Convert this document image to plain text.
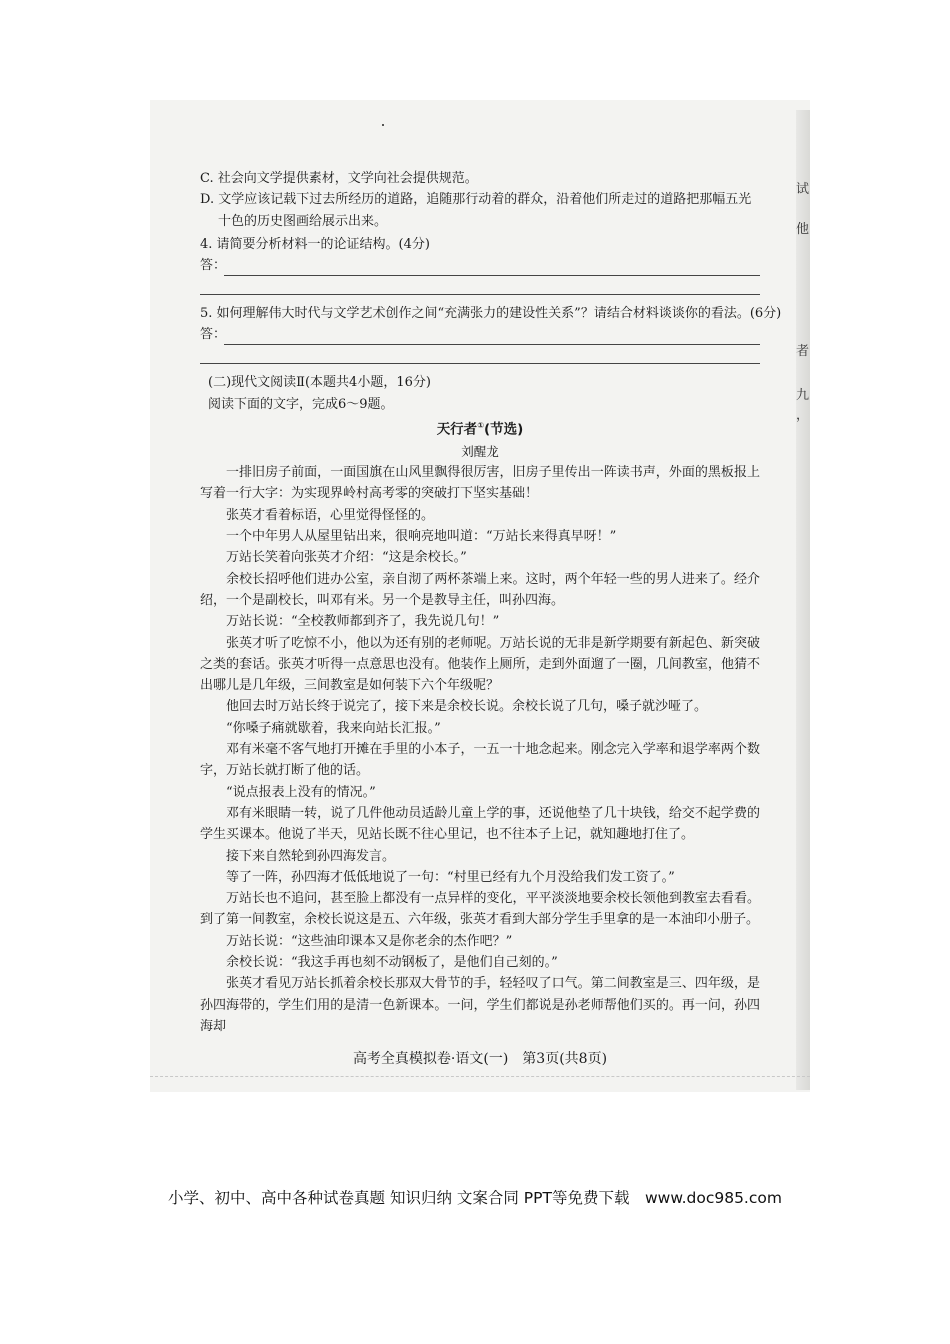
试
他
者
九
，

C. 社会向文学提供素材，文学向社会提供规范。

D. 文学应该记载下过去所经历的道路，追随那行动着的群众，沿着他们所走过的道路把那幅五光

十色的历史图画给展示出来。

4. 请简要分析材料一的论证结构。(4分)

答：

5. 如何理解伟大时代与文学艺术创作之间“充满张力的建设性关系”？请结合材料谈谈你的看法。(6分)

答：

(二)现代文阅读Ⅱ(本题共4小题，16分)

阅读下面的文字，完成6～9题。

天行者①(节选)

刘醒龙

一排旧房子前面，一面国旗在山风里飘得很厉害，旧房子里传出一阵读书声，外面的黑板报上写着一行大字：为实现界岭村高考零的突破打下坚实基础！

张英才看着标语，心里觉得怪怪的。

一个中年男人从屋里钻出来，很响亮地叫道：“万站长来得真早呀！”

万站长笑着向张英才介绍：“这是余校长。”

余校长招呼他们进办公室，亲自沏了两杯茶端上来。这时，两个年轻一些的男人进来了。经介绍，一个是副校长，叫邓有米。另一个是教导主任，叫孙四海。

万站长说：“全校教师都到齐了，我先说几句！”

张英才听了吃惊不小，他以为还有别的老师呢。万站长说的无非是新学期要有新起色、新突破之类的套话。张英才听得一点意思也没有。他装作上厕所，走到外面遛了一圈，几间教室，他猜不出哪儿是几年级，三间教室是如何装下六个年级呢？

他回去时万站长终于说完了，接下来是余校长说。余校长说了几句，嗓子就沙哑了。

“你嗓子痛就歇着，我来向站长汇报。”

邓有米毫不客气地打开摊在手里的小本子，一五一十地念起来。刚念完入学率和退学率两个数字，万站长就打断了他的话。

“说点报表上没有的情况。”

邓有米眼睛一转，说了几件他动员适龄儿童上学的事，还说他垫了几十块钱，给交不起学费的学生买课本。他说了半天，见站长既不往心里记，也不往本子上记，就知趣地打住了。

接下来自然轮到孙四海发言。

等了一阵，孙四海才低低地说了一句：“村里已经有九个月没给我们发工资了。”

万站长也不追问，甚至脸上都没有一点异样的变化，平平淡淡地要余校长领他到教室去看看。到了第一间教室，余校长说这是五、六年级，张英才看到大部分学生手里拿的是一本油印小册子。

万站长说：“这些油印课本又是你老余的杰作吧？”

余校长说：“我这手再也刻不动钢板了，是他们自己刻的。”

张英才看见万站长抓着余校长那双大骨节的手，轻轻叹了口气。第二间教室是三、四年级，是孙四海带的，学生们用的是清一色新课本。一问，学生们都说是孙老师帮他们买的。再一问，孙四海却

高考全真模拟卷·语文(一)　第3页(共8页)
小学、初中、高中各种试卷真题 知识归纳 文案合同 PPT等免费下载　www.doc985.com
